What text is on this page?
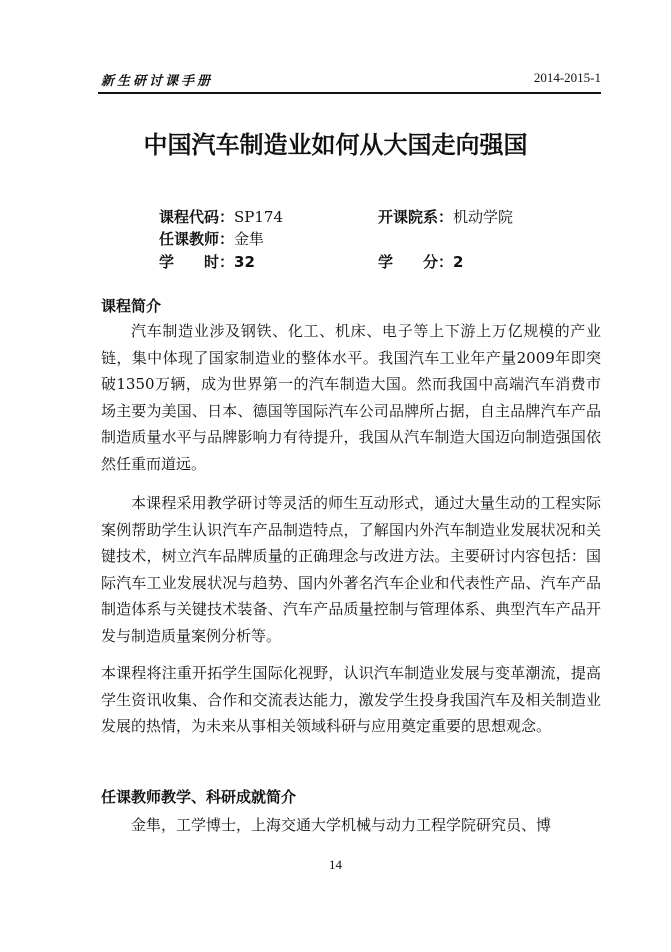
新生研讨课手册	2014-2015-1
中国汽车制造业如何从大国走向强国
课程代码：SP174	开课院系：机动学院
任课教师：金隼
学　　时：32	学　　分：2
课程简介

汽车制造业涉及钢铁、化工、机床、电子等上下游上万亿规模的产业链，集中体现了国家制造业的整体水平。我国汽车工业年产量2009年即突破1350万辆，成为世界第一的汽车制造大国。然而我国中高端汽车消费市场主要为美国、日本、德国等国际汽车公司品牌所占据，自主品牌汽车产品制造质量水平与品牌影响力有待提升，我国从汽车制造大国迈向制造强国依然任重而道远。

本课程采用教学研讨等灵活的师生互动形式，通过大量生动的工程实际案例帮助学生认识汽车产品制造特点，了解国内外汽车制造业发展状况和关键技术，树立汽车品牌质量的正确理念与改进方法。主要研讨内容包括：国际汽车工业发展状况与趋势、国内外著名汽车企业和代表性产品、汽车产品制造体系与关键技术装备、汽车产品质量控制与管理体系、典型汽车产品开发与制造质量案例分析等。

本课程将注重开拓学生国际化视野，认识汽车制造业发展与变革潮流，提高学生资讯收集、合作和交流表达能力，激发学生投身我国汽车及相关制造业发展的热情，为未来从事相关领域科研与应用奠定重要的思想观念。

任课教师教学、科研成就简介

金隼，工学博士，上海交通大学机械与动力工程学院研究员、博

14
